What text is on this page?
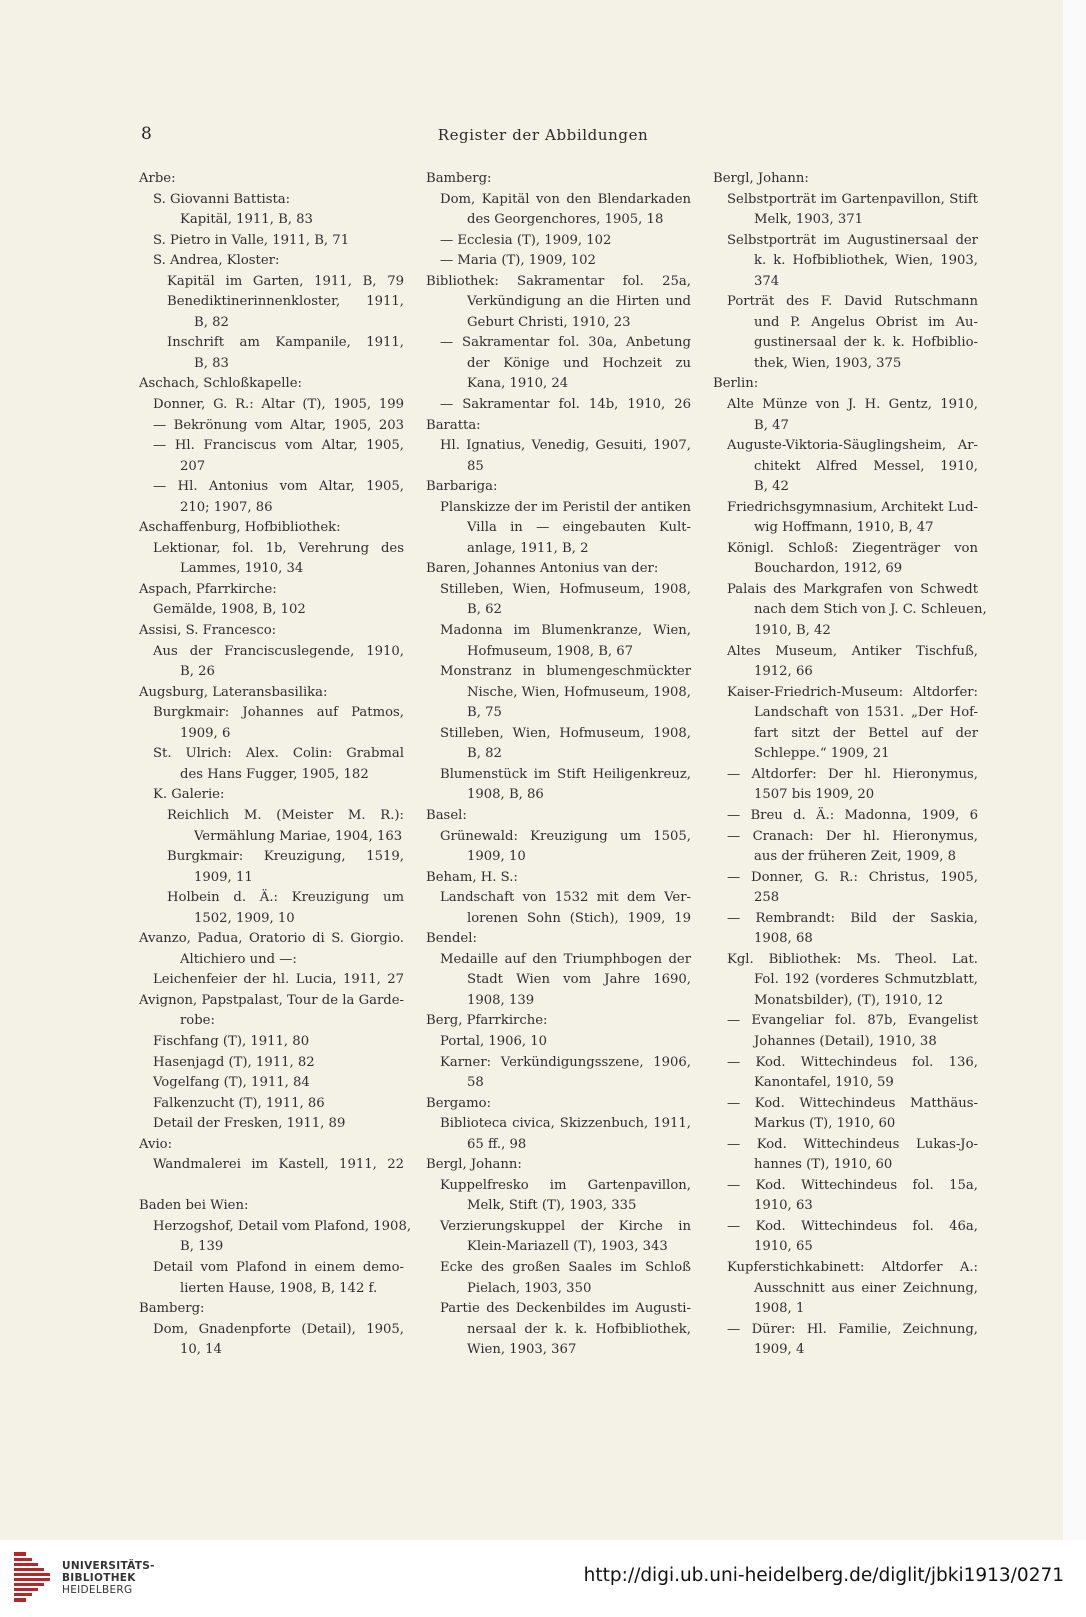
8	Register der Abbildungen
Arbe:
S. Giovanni Battista:
Kapitäl, 1911, B, 83
S. Pietro in Valle, 1911, B, 71
S. Andrea, Kloster:
Kapitäl im Garten, 1911, B, 79
Benediktinerinnenkloster, 1911,
B, 82
Inschrift am Kampanile, 1911,
B, 83
Aschach, Schloßkapelle:
Donner, G. R.: Altar (T), 1905, 199
— Bekrönung vom Altar, 1905, 203
— Hl. Franciscus vom Altar, 1905,
207
— Hl. Antonius vom Altar, 1905,
210; 1907, 86
Aschaffenburg, Hofbibliothek:
Lektionar, fol. 1b, Verehrung des
Lammes, 1910, 34
Aspach, Pfarrkirche:
Gemälde, 1908, B, 102
Assisi, S. Francesco:
Aus der Franciscuslegende, 1910,
B, 26
Augsburg, Lateransbasilika:
Burgkmair: Johannes auf Patmos,
1909, 6
St. Ulrich: Alex. Colin: Grabmal
des Hans Fugger, 1905, 182
K. Galerie:
Reichlich M. (Meister M. R.):
Vermählung Mariae, 1904, 163
Burgkmair: Kreuzigung, 1519,
1909, 11
Holbein d. Ä.: Kreuzigung um
1502, 1909, 10
Avanzo, Padua, Oratorio di S. Giorgio.
Altichiero und —:
Leichenfeier der hl. Lucia, 1911, 27
Avignon, Papstpalast, Tour de la Garde-
robe:
Fischfang (T), 1911, 80
Hasenjagd (T), 1911, 82
Vogelfang (T), 1911, 84
Falkenzucht (T), 1911, 86
Detail der Fresken, 1911, 89
Avio:
Wandmalerei im Kastell, 1911, 22
Baden bei Wien:
Herzogshof, Detail vom Plafond, 1908,
B, 139
Detail vom Plafond in einem demo-
lierten Hause, 1908, B, 142 f.
Bamberg:
Dom, Gnadenpforte (Detail), 1905,
10, 14
Bamberg:
Dom, Kapitäl von den Blendarkaden
des Georgenchores, 1905, 18
— Ecclesia (T), 1909, 102
— Maria (T), 1909, 102
Bibliothek: Sakramentar fol. 25a,
Verkündigung an die Hirten und
Geburt Christi, 1910, 23
— Sakramentar fol. 30a, Anbetung
der Könige und Hochzeit zu
Kana, 1910, 24
— Sakramentar fol. 14b, 1910, 26
Baratta:
Hl. Ignatius, Venedig, Gesuiti, 1907,
85
Barbariga:
Planskizze der im Peristil der antiken
Villa in — eingebauten Kult-
anlage, 1911, B, 2
Baren, Johannes Antonius van der:
Stilleben, Wien, Hofmuseum, 1908,
B, 62
Madonna im Blumenkranze, Wien,
Hofmuseum, 1908, B, 67
Monstranz in blumengeschmückter
Nische, Wien, Hofmuseum, 1908,
B, 75
Stilleben, Wien, Hofmuseum, 1908,
B, 82
Blumenstück im Stift Heiligenkreuz,
1908, B, 86
Basel:
Grünewald: Kreuzigung um 1505,
1909, 10
Beham, H. S.:
Landschaft von 1532 mit dem Ver-
lorenen Sohn (Stich), 1909, 19
Bendel:
Medaille auf den Triumphbogen der
Stadt Wien vom Jahre 1690,
1908, 139
Berg, Pfarrkirche:
Portal, 1906, 10
Karner: Verkündigungsszene, 1906,
58
Bergamo:
Biblioteca civica, Skizzenbuch, 1911,
65 ff., 98
Bergl, Johann:
Kuppelfresko im Gartenpavillon,
Melk, Stift (T), 1903, 335
Verzierungskuppel der Kirche in
Klein-Mariazell (T), 1903, 343
Ecke des großen Saales im Schloß
Pielach, 1903, 350
Partie des Deckenbildes im Augusti-
nersaal der k. k. Hofbibliothek,
Wien, 1903, 367
Bergl, Johann:
Selbstporträt im Gartenpavillon, Stift
Melk, 1903, 371
Selbstporträt im Augustinersaal der
k. k. Hofbibliothek, Wien, 1903,
374
Porträt des F. David Rutschmann
und P. Angelus Obrist im Au-
gustinersaal der k. k. Hofbiblio-
thek, Wien, 1903, 375
Berlin:
Alte Münze von J. H. Gentz, 1910,
B, 47
Auguste-Viktoria-Säuglingsheim, Ar-
chitekt Alfred Messel, 1910,
B, 42
Friedrichsgymnasium, Architekt Lud-
wig Hoffmann, 1910, B, 47
Königl. Schloß: Ziegenträger von
Bouchardon, 1912, 69
Palais des Markgrafen von Schwedt
nach dem Stich von J. C. Schleuen,
1910, B, 42
Altes Museum, Antiker Tischfuß,
1912, 66
Kaiser-Friedrich-Museum: Altdorfer:
Landschaft von 1531. „Der Hof-
fart sitzt der Bettel auf der
Schleppe.“ 1909, 21
— Altdorfer: Der hl. Hieronymus,
1507 bis 1909, 20
— Breu d. Ä.: Madonna, 1909, 6
— Cranach: Der hl. Hieronymus,
aus der früheren Zeit, 1909, 8
— Donner, G. R.: Christus, 1905,
258
— Rembrandt: Bild der Saskia,
1908, 68
Kgl. Bibliothek: Ms. Theol. Lat.
Fol. 192 (vorderes Schmutzblatt,
Monatsbilder), (T), 1910, 12
— Evangeliar fol. 87b, Evangelist
Johannes (Detail), 1910, 38
— Kod. Wittechindeus fol. 136,
Kanontafel, 1910, 59
— Kod. Wittechindeus Matthäus-
Markus (T), 1910, 60
— Kod. Wittechindeus Lukas-Jo-
hannes (T), 1910, 60
— Kod. Wittechindeus fol. 15a,
1910, 63
— Kod. Wittechindeus fol. 46a,
1910, 65
Kupferstichkabinett: Altdorfer A.:
Ausschnitt aus einer Zeichnung,
1908, 1
— Dürer: Hl. Familie, Zeichnung,
1909, 4
UNIVERSITÄTS-
BIBLIOTHEK
HEIDELBERG
http://digi.ub.uni-heidelberg.de/diglit/jbki1913/0271
